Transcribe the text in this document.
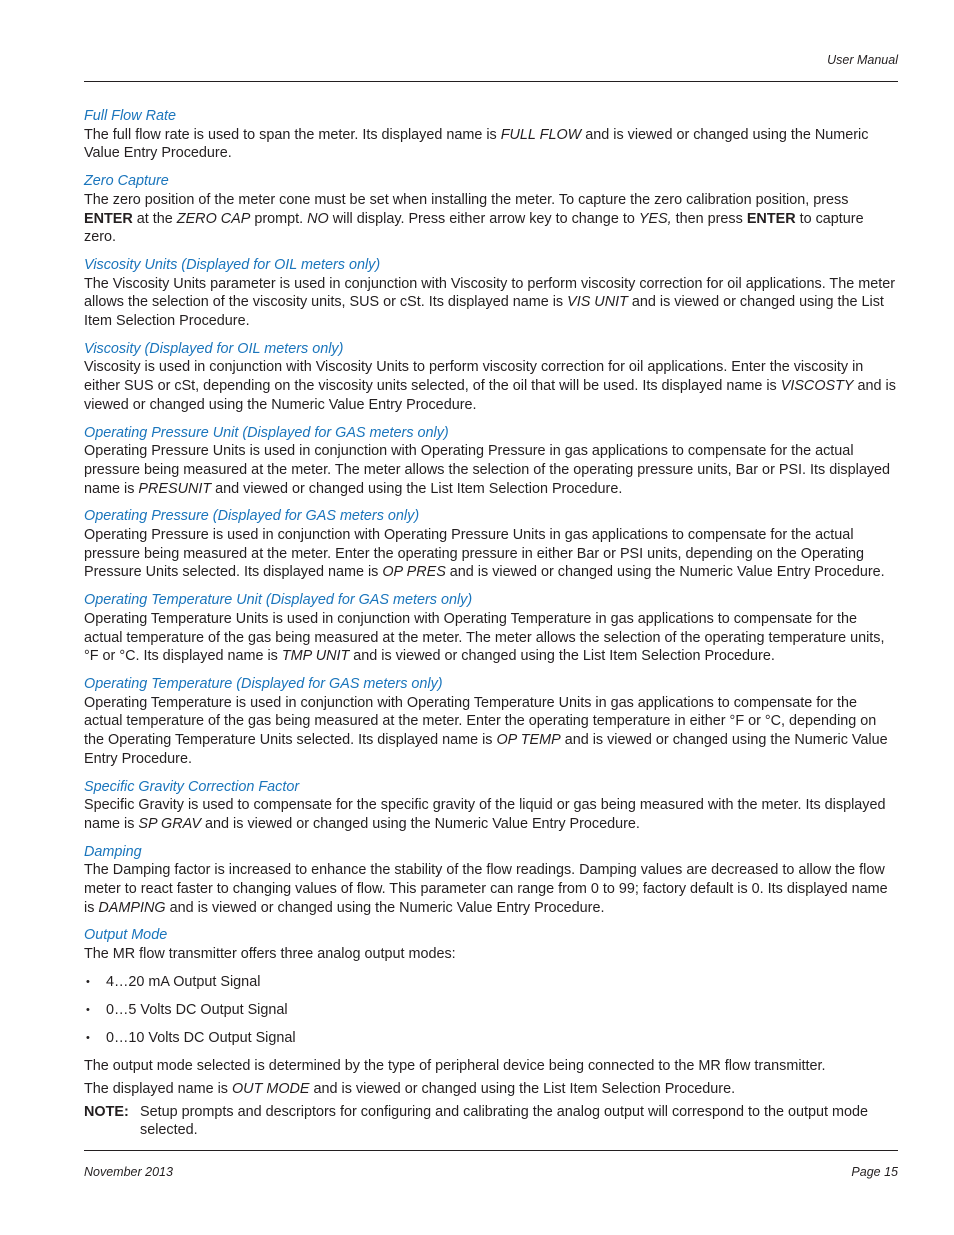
User Manual
Full Flow Rate

The full flow rate is used to span the meter. Its displayed name is FULL FLOW and is viewed or changed using the Numeric Value Entry Procedure.

Zero Capture

The zero position of the meter cone must be set when installing the meter. To capture the zero calibration position, press ENTER at the ZERO CAP prompt. NO will display. Press either arrow key to change to YES, then press ENTER to capture zero.

Viscosity Units (Displayed for OIL meters only)

The Viscosity Units parameter is used in conjunction with Viscosity to perform viscosity correction for oil applications. The meter allows the selection of the viscosity units, SUS or cSt. Its displayed name is VIS UNIT and is viewed or changed using the List Item Selection Procedure.

Viscosity (Displayed for OIL meters only)

Viscosity is used in conjunction with Viscosity Units to perform viscosity correction for oil applications. Enter the viscosity in either SUS or cSt, depending on the viscosity units selected, of the oil that will be used. Its displayed name is VISCOSTY and is viewed or changed using the Numeric Value Entry Procedure.

Operating Pressure Unit (Displayed for GAS meters only)

Operating Pressure Units is used in conjunction with Operating Pressure in gas applications to compensate for the actual pressure being measured at the meter. The meter allows the selection of the operating pressure units, Bar or PSI. Its displayed name is PRESUNIT and viewed or changed using the List Item Selection Procedure.

Operating Pressure (Displayed for GAS meters only)

Operating Pressure is used in conjunction with Operating Pressure Units in gas applications to compensate for the actual pressure being measured at the meter. Enter the operating pressure in either Bar or PSI units, depending on the Operating Pressure Units selected. Its displayed name is OP PRES and is viewed or changed using the Numeric Value Entry Procedure.

Operating Temperature Unit (Displayed for GAS meters only)

Operating Temperature Units is used in conjunction with Operating Temperature in gas applications to compensate for the actual temperature of the gas being measured at the meter. The meter allows the selection of the operating temperature units, °F or °C. Its displayed name is TMP UNIT and is viewed or changed using the List Item Selection Procedure.

Operating Temperature (Displayed for GAS meters only)

Operating Temperature is used in conjunction with Operating Temperature Units in gas applications to compensate for the actual temperature of the gas being measured at the meter. Enter the operating temperature in either °F or °C, depending on the Operating Temperature Units selected. Its displayed name is OP TEMP and is viewed or changed using the Numeric Value Entry Procedure.

Specific Gravity Correction Factor

Specific Gravity is used to compensate for the specific gravity of the liquid or gas being measured with the meter. Its displayed name is SP GRAV and is viewed or changed using the Numeric Value Entry Procedure.

Damping

The Damping factor is increased to enhance the stability of the flow readings. Damping values are decreased to allow the flow meter to react faster to changing values of flow. This parameter can range from 0 to 99; factory default is 0. Its displayed name is DAMPING and is viewed or changed using the Numeric Value Entry Procedure.

Output Mode

The MR flow transmitter offers three analog output modes:

• 4…20 mA Output Signal
• 0…5 Volts DC Output Signal
• 0…10 Volts DC Output Signal

The output mode selected is determined by the type of peripheral device being connected to the MR flow transmitter.

The displayed name is OUT MODE and is viewed or changed using the List Item Selection Procedure.

NOTE: Setup prompts and descriptors for configuring and calibrating the analog output will correspond to the output mode selected.
November 2013	Page 15
